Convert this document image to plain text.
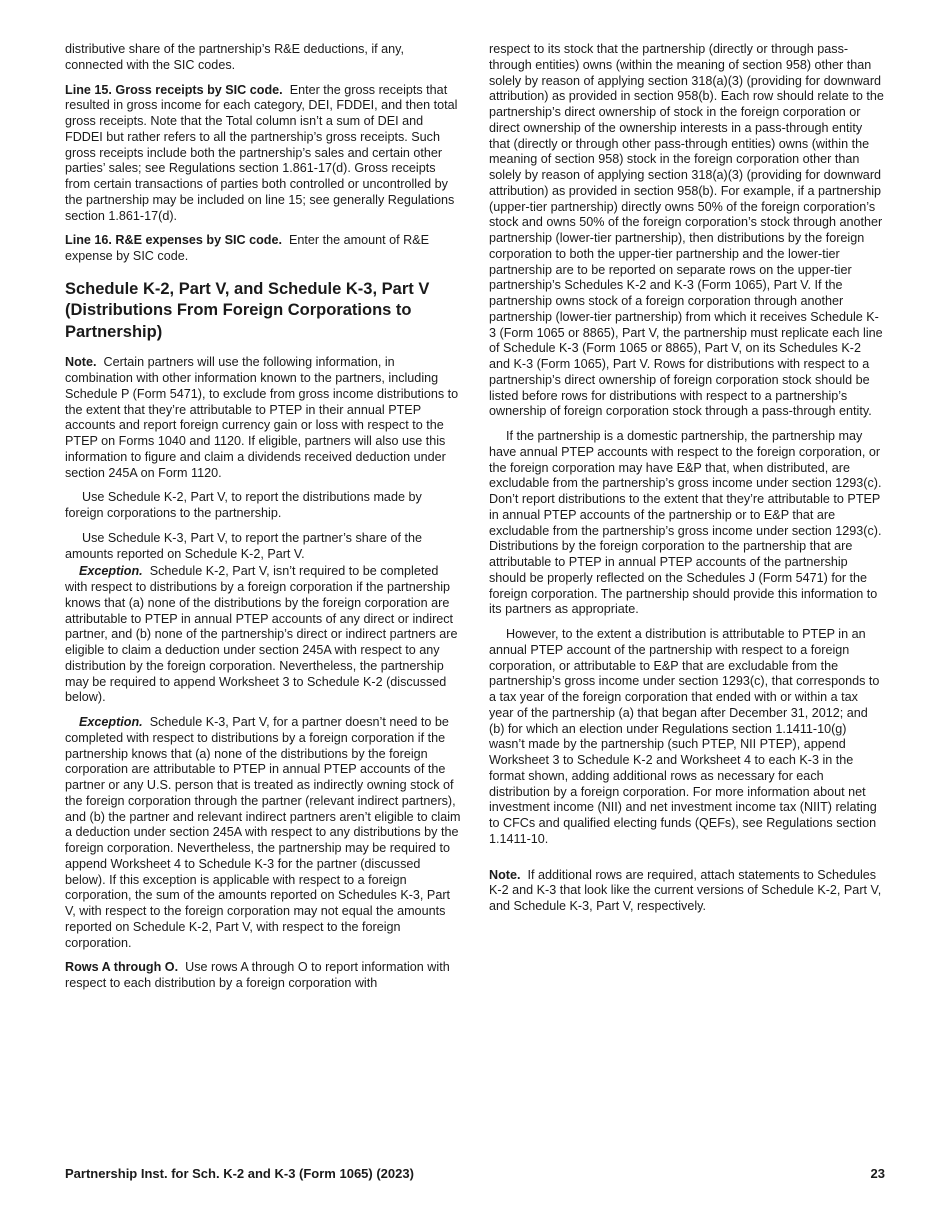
distributive share of the partnership’s R&E deductions, if any, connected with the SIC codes.

Line 15. Gross receipts by SIC code. Enter the gross receipts that resulted in gross income for each category, DEI, FDDEI, and then total gross receipts. Note that the Total column isn’t a sum of DEI and FDDEI but rather refers to all the partnership’s gross receipts. Such gross receipts include both the partnership’s sales and certain other parties’ sales; see Regulations section 1.861-17(d). Gross receipts from certain transactions of parties both controlled or uncontrolled by the partnership may be included on line 15; see generally Regulations section 1.861-17(d).

Line 16. R&E expenses by SIC code. Enter the amount of R&E expense by SIC code.

Schedule K-2, Part V, and Schedule K-3, Part V (Distributions From Foreign Corporations to Partnership)

Note. Certain partners will use the following information, in combination with other information known to the partners, including Schedule P (Form 5471), to exclude from gross income distributions to the extent that they’re attributable to PTEP in their annual PTEP accounts and report foreign currency gain or loss with respect to the PTEP on Forms 1040 and 1120. If eligible, partners will also use this information to figure and claim a dividends received deduction under section 245A on Form 1120.

Use Schedule K-2, Part V, to report the distributions made by foreign corporations to the partnership.

Use Schedule K-3, Part V, to report the partner’s share of the amounts reported on Schedule K-2, Part V.

Exception. Schedule K-2, Part V, isn’t required to be completed with respect to distributions by a foreign corporation if the partnership knows that (a) none of the distributions by the foreign corporation are attributable to PTEP in annual PTEP accounts of any direct or indirect partner, and (b) none of the partnership’s direct or indirect partners are eligible to claim a deduction under section 245A with respect to any distribution by the foreign corporation. Nevertheless, the partnership may be required to append Worksheet 3 to Schedule K-2 (discussed below).

Exception. Schedule K-3, Part V, for a partner doesn’t need to be completed with respect to distributions by a foreign corporation if the partnership knows that (a) none of the distributions by the foreign corporation are attributable to PTEP in annual PTEP accounts of the partner or any U.S. person that is treated as indirectly owning stock of the foreign corporation through the partner (relevant indirect partners), and (b) the partner and relevant indirect partners aren’t eligible to claim a deduction under section 245A with respect to any distributions by the foreign corporation. Nevertheless, the partnership may be required to append Worksheet 4 to Schedule K-3 for the partner (discussed below). If this exception is applicable with respect to a foreign corporation, the sum of the amounts reported on Schedules K-3, Part V, with respect to the foreign corporation may not equal the amounts reported on Schedule K-2, Part V, with respect to the foreign corporation.

Rows A through O. Use rows A through O to report information with respect to each distribution by a foreign corporation with

respect to its stock that the partnership (directly or through pass-through entities) owns (within the meaning of section 958) other than solely by reason of applying section 318(a)(3) (providing for downward attribution) as provided in section 958(b). Each row should relate to the partnership’s direct ownership of stock in the foreign corporation or direct ownership of the ownership interests in a pass-through entity that (directly or through other pass-through entities) owns (within the meaning of section 958) stock in the foreign corporation other than solely by reason of applying section 318(a)(3) (providing for downward attribution) as provided in section 958(b). For example, if a partnership (upper-tier partnership) directly owns 50% of the foreign corporation’s stock and owns 50% of the foreign corporation’s stock through another partnership (lower-tier partnership), then distributions by the foreign corporation to both the upper-tier partnership and the lower-tier partnership are to be reported on separate rows on the upper-tier partnership’s Schedules K-2 and K-3 (Form 1065), Part V. If the partnership owns stock of a foreign corporation through another partnership (lower-tier partnership) from which it receives Schedule K-3 (Form 1065 or 8865), Part V, the partnership must replicate each line of Schedule K-3 (Form 1065 or 8865), Part V, on its Schedules K-2 and K-3 (Form 1065), Part V. Rows for distributions with respect to a partnership’s direct ownership of foreign corporation stock should be listed before rows for distributions with respect to a partnership’s ownership of foreign corporation stock through a pass-through entity.

If the partnership is a domestic partnership, the partnership may have annual PTEP accounts with respect to the foreign corporation, or the foreign corporation may have E&P that, when distributed, are excludable from the partnership’s gross income under section 1293(c). Don’t report distributions to the extent that they’re attributable to PTEP in annual PTEP accounts of the partnership or to E&P that are excludable from the partnership’s gross income under section 1293(c). Distributions by the foreign corporation to the partnership that are attributable to PTEP in annual PTEP accounts of the partnership should be properly reflected on the Schedules J (Form 5471) for the foreign corporation. The partnership should provide this information to its partners as appropriate.

However, to the extent a distribution is attributable to PTEP in an annual PTEP account of the partnership with respect to a foreign corporation, or attributable to E&P that are excludable from the partnership’s gross income under section 1293(c), that corresponds to a tax year of the foreign corporation that ended with or within a tax year of the partnership (a) that began after December 31, 2012; and (b) for which an election under Regulations section 1.1411-10(g) wasn’t made by the partnership (such PTEP, NII PTEP), append Worksheet 3 to Schedule K-2 and Worksheet 4 to each K-3 in the format shown, adding additional rows as necessary for each distribution by a foreign corporation. For more information about net investment income (NII) and net investment income tax (NIIT) relating to CFCs and qualified electing funds (QEFs), see Regulations section 1.1411-10.

Note. If additional rows are required, attach statements to Schedules K-2 and K-3 that look like the current versions of Schedule K-2, Part V, and Schedule K-3, Part V, respectively.

Partnership Inst. for Sch. K-2 and K-3 (Form 1065) (2023)	23
